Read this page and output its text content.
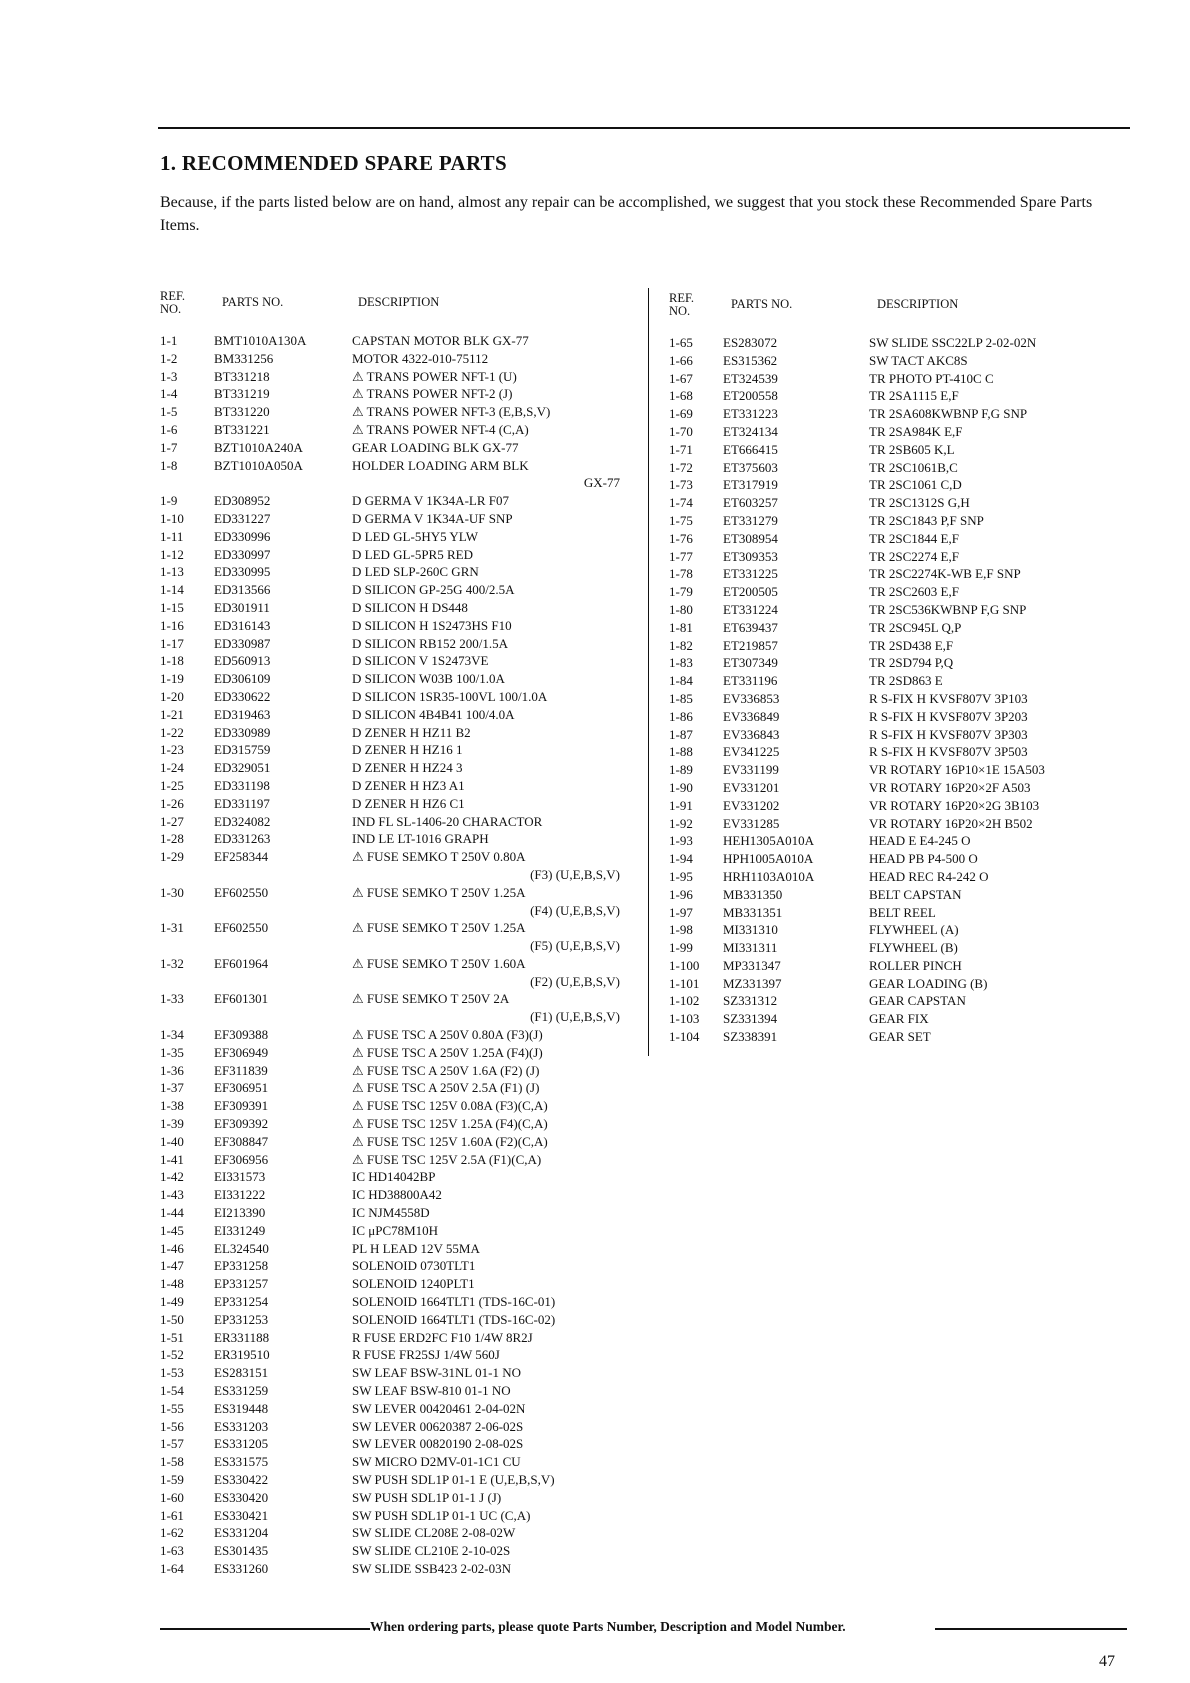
1. RECOMMENDED SPARE PARTS

Because, if the parts listed below are on hand, almost any repair can be accomplished, we suggest that you stock these Recommended Spare Parts Items.

REF.
NO.	PARTS NO.	DESCRIPTION
1-1	BMT1010A130A	CAPSTAN MOTOR BLK GX-77
1-2	BM331256	MOTOR 4322-010-75112
1-3	BT331218	⚠ TRANS POWER NFT-1 (U)
1-4	BT331219	⚠ TRANS POWER NFT-2 (J)
1-5	BT331220	⚠ TRANS POWER NFT-3 (E,B,S,V)
1-6	BT331221	⚠ TRANS POWER NFT-4 (C,A)
1-7	BZT1010A240A	GEAR LOADING BLK GX-77
1-8	BZT1010A050A	HOLDER LOADING ARM BLK
GX-77
1-9	ED308952	D GERMA V 1K34A-LR F07
1-10 ED331227	D GERMA V 1K34A-UF SNP
1-11 ED330996	D LED GL-5HY5 YLW
1-12 ED330997	D LED GL-5PR5 RED
1-13 ED330995	D LED SLP-260C GRN
1-14 ED313566	D SILICON GP-25G 400/2.5A
1-15 ED301911	D SILICON H DS448
1-16 ED316143	D SILICON H 1S2473HS F10
1-17 ED330987	D SILICON RB152 200/1.5A
1-18 ED560913	D SILICON V 1S2473VE
1-19 ED306109	D SILICON W03B 100/1.0A
1-20 ED330622	D SILICON 1SR35-100VL 100/1.0A
1-21 ED319463	D SILICON 4B4B41 100/4.0A
1-22 ED330989	D ZENER H HZ11 B2
1-23 ED315759	D ZENER H HZ16 1
1-24 ED329051	D ZENER H HZ24 3
1-25 ED331198	D ZENER H HZ3 A1
1-26 ED331197	D ZENER H HZ6 C1
1-27 ED324082	IND FL SL-1406-20 CHARACTOR
1-28 ED331263	IND LE LT-1016 GRAPH
1-29 EF258344	⚠ FUSE SEMKO T 250V 0.80A
(F3) (U,E,B,S,V)
1-30 EF602550	⚠ FUSE SEMKO T 250V 1.25A
(F4) (U,E,B,S,V)
1-31 EF602550	⚠ FUSE SEMKO T 250V 1.25A
(F5) (U,E,B,S,V)
1-32 EF601964	⚠ FUSE SEMKO T 250V 1.60A
(F2) (U,E,B,S,V)
1-33 EF601301	⚠ FUSE SEMKO T 250V 2A
(F1) (U,E,B,S,V)
1-34 EF309388	⚠ FUSE TSC A 250V 0.80A (F3)(J)
1-35 EF306949	⚠ FUSE TSC A 250V 1.25A (F4)(J)
1-36 EF311839	⚠ FUSE TSC A 250V 1.6A (F2) (J)
1-37 EF306951	⚠ FUSE TSC A 250V 2.5A (F1) (J)
1-38 EF309391	⚠ FUSE TSC 125V 0.08A (F3)(C,A)
1-39 EF309392	⚠ FUSE TSC 125V 1.25A (F4)(C,A)
1-40 EF308847	⚠ FUSE TSC 125V 1.60A (F2)(C,A)
1-41 EF306956	⚠ FUSE TSC 125V 2.5A (F1)(C,A)
1-42 EI331573	IC HD14042BP
1-43 EI331222	IC HD38800A42
1-44 EI213390	IC NJM4558D
1-45 EI331249	IC μPC78M10H
1-46 EL324540	PL H LEAD 12V 55MA
1-47 EP331258	SOLENOID 0730TLT1
1-48 EP331257	SOLENOID 1240PLT1
1-49 EP331254	SOLENOID 1664TLT1 (TDS-16C-01)
1-50 EP331253	SOLENOID 1664TLT1 (TDS-16C-02)
1-51 ER331188	R FUSE ERD2FC F10 1/4W 8R2J
1-52 ER319510	R FUSE FR25SJ 1/4W 560J
1-53 ES283151	SW LEAF BSW-31NL 01-1 NO
1-54 ES331259	SW LEAF BSW-810 01-1 NO
1-55 ES319448	SW LEVER 00420461 2-04-02N
1-56 ES331203	SW LEVER 00620387 2-06-02S
1-57 ES331205	SW LEVER 00820190 2-08-02S
1-58 ES331575	SW MICRO D2MV-01-1C1 CU
1-59 ES330422	SW PUSH SDL1P 01-1 E (U,E,B,S,V)
1-60 ES330420	SW PUSH SDL1P 01-1 J (J)
1-61 ES330421	SW PUSH SDL1P 01-1 UC (C,A)
1-62 ES331204	SW SLIDE CL208E 2-08-02W
1-63 ES301435	SW SLIDE CL210E 2-10-02S
1-64 ES331260	SW SLIDE SSB423 2-02-03N
REF.
NO.	PARTS NO.	DESCRIPTION
1-65 ES283072	SW SLIDE SSC22LP 2-02-02N
1-66 ES315362	SW TACT AKC8S
1-67 ET324539	TR PHOTO PT-410C C
1-68 ET200558	TR 2SA1115 E,F
1-69 ET331223	TR 2SA608KWBNP F,G SNP
1-70 ET324134	TR 2SA984K E,F
1-71 ET666415	TR 2SB605 K,L
1-72 ET375603	TR 2SC1061B,C
1-73 ET317919	TR 2SC1061 C,D
1-74 ET603257	TR 2SC1312S G,H
1-75 ET331279	TR 2SC1843 P,F SNP
1-76 ET308954	TR 2SC1844 E,F
1-77 ET309353	TR 2SC2274 E,F
1-78 ET331225	TR 2SC2274K-WB E,F SNP
1-79 ET200505	TR 2SC2603 E,F
1-80 ET331224	TR 2SC536KWBNP F,G SNP
1-81 ET639437	TR 2SC945L Q,P
1-82 ET219857	TR 2SD438 E,F
1-83 ET307349	TR 2SD794 P,Q
1-84 ET331196	TR 2SD863 E
1-85 EV336853	R S-FIX H KVSF807V 3P103
1-86 EV336849	R S-FIX H KVSF807V 3P203
1-87 EV336843	R S-FIX H KVSF807V 3P303
1-88 EV341225	R S-FIX H KVSF807V 3P503
1-89 EV331199	VR ROTARY 16P10×1E 15A503
1-90 EV331201	VR ROTARY 16P20×2F A503
1-91 EV331202	VR ROTARY 16P20×2G 3B103
1-92 EV331285	VR ROTARY 16P20×2H B502
1-93 HEH1305A010A	HEAD E E4-245 O
1-94 HPH1005A010A	HEAD PB P4-500 O
1-95 HRH1103A010A	HEAD REC R4-242 O
1-96 MB331350	BELT CAPSTAN
1-97 MB331351	BELT REEL
1-98 MI331310	FLYWHEEL (A)
1-99 MI331311	FLYWHEEL (B)
1-100 MP331347	ROLLER PINCH
1-101 MZ331397	GEAR LOADING (B)
1-102 SZ331312	GEAR CAPSTAN
1-103 SZ331394	GEAR FIX
1-104 SZ338391	GEAR SET
When ordering parts, please quote Parts Number, Description and Model Number.
47
